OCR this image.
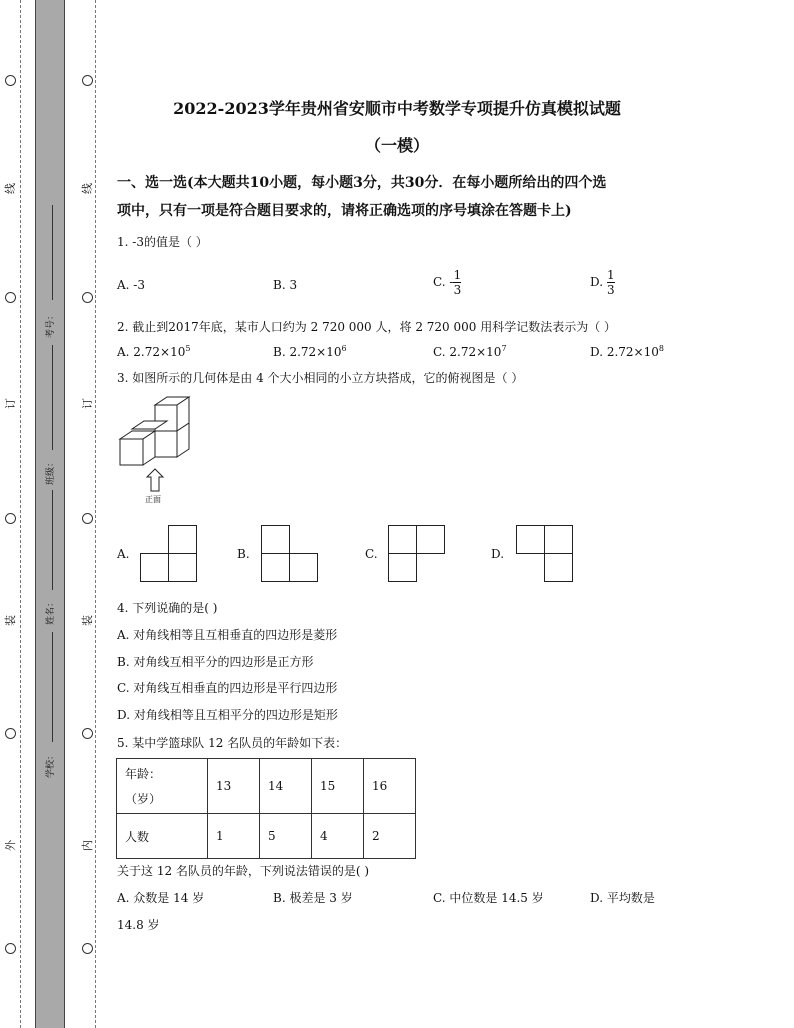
线
订
装
外
线
订
装
内
考号：
班级：
姓名：
学校：
2022-2023学年贵州省安顺市中考数学专项提升仿真模拟试题
（一模）
一、选一选(本大题共10小题，每小题3分，共30分．在每小题所给出的四个选
项中，只有一项是符合题目要求的，请将正确选项的序号填涂在答题卡上)
1. -3的值是（ ）
A. -3	B. 3	C. - $\frac{1}{3}$	D. $\frac{1}{3}$
2. 截止到2017年底，某市人口约为 2 720 000 人，将 2 720 000 用科学记数法表示为（ ）
A. $2.72\times 10^5$	B. $2.72\times 10^6$	C. $2.72\times 10^7$	D. $2.72\times 10^8$
3. 如图所示的几何体是由 4 个大小相同的小立方块搭成，它的俯视图是（ ）
正面
A.	B.	C.	D.
4. 下列说确的是( )
A. 对角线相等且互相垂直的四边形是菱形
B. 对角线互相平分的四边形是正方形
C. 对角线互相垂直的四边形是平行四边形
D. 对角线相等且互相平分的四边形是矩形
5. 某中学篮球队 12 名队员的年龄如下表：
年龄：
（岁）	13	14	15	16
人数	1	5	4	2
关于这 12 名队员的年龄，下列说法错误的是( )
A. 众数是 14 岁	B. 极差是 3 岁	C. 中位数是 14.5 岁	D. 平均数是
14.8 岁
